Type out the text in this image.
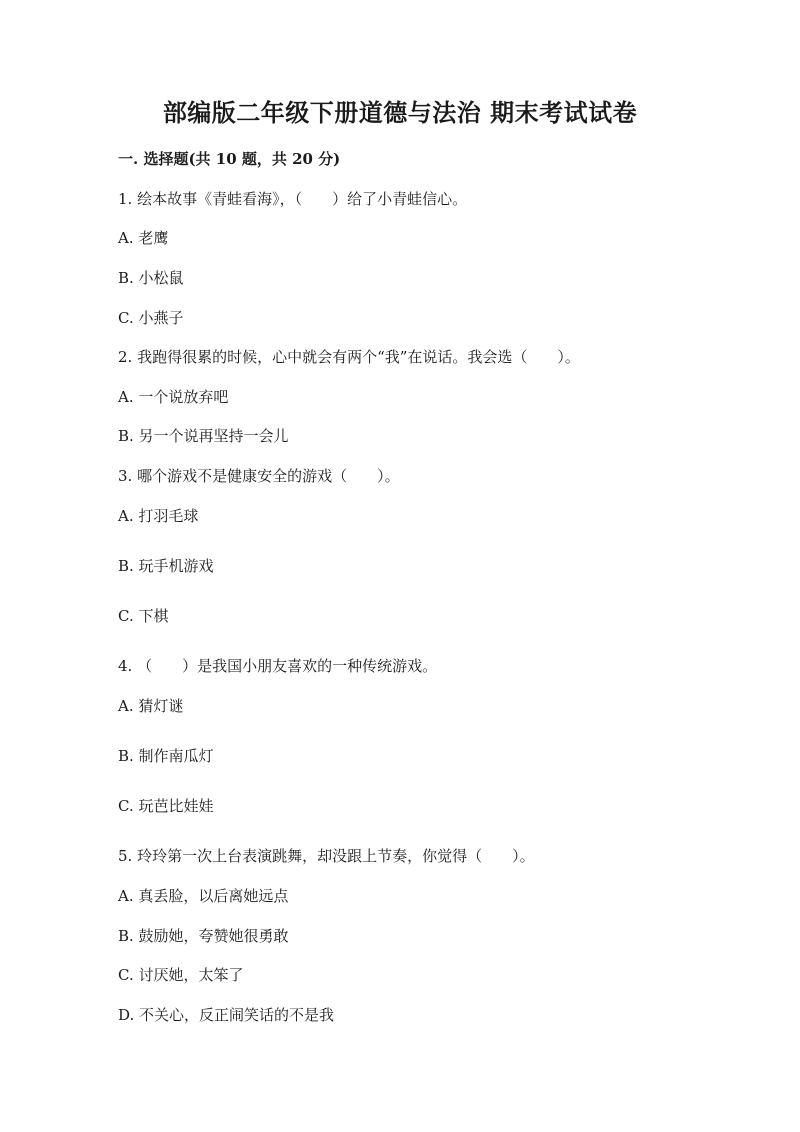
部编版二年级下册道德与法治 期末考试试卷
一. 选择题(共 10 题，共 20 分)
1. 绘本故事《青蛙看海》，（　　）给了小青蛙信心。
A. 老鹰
B. 小松鼠
C. 小燕子
2. 我跑得很累的时候，心中就会有两个“我”在说话。我会选（　　）。
A. 一个说放弃吧
B. 另一个说再坚持一会儿
3. 哪个游戏不是健康安全的游戏（　　）。
A. 打羽毛球
B. 玩手机游戏
C. 下棋
4. （　　）是我国小朋友喜欢的一种传统游戏。
A. 猜灯谜
B. 制作南瓜灯
C. 玩芭比娃娃
5. 玲玲第一次上台表演跳舞，却没跟上节奏，你觉得（　　）。
A. 真丢脸，以后离她远点
B. 鼓励她，夸赞她很勇敢
C. 讨厌她，太笨了
D. 不关心，反正闹笑话的不是我
